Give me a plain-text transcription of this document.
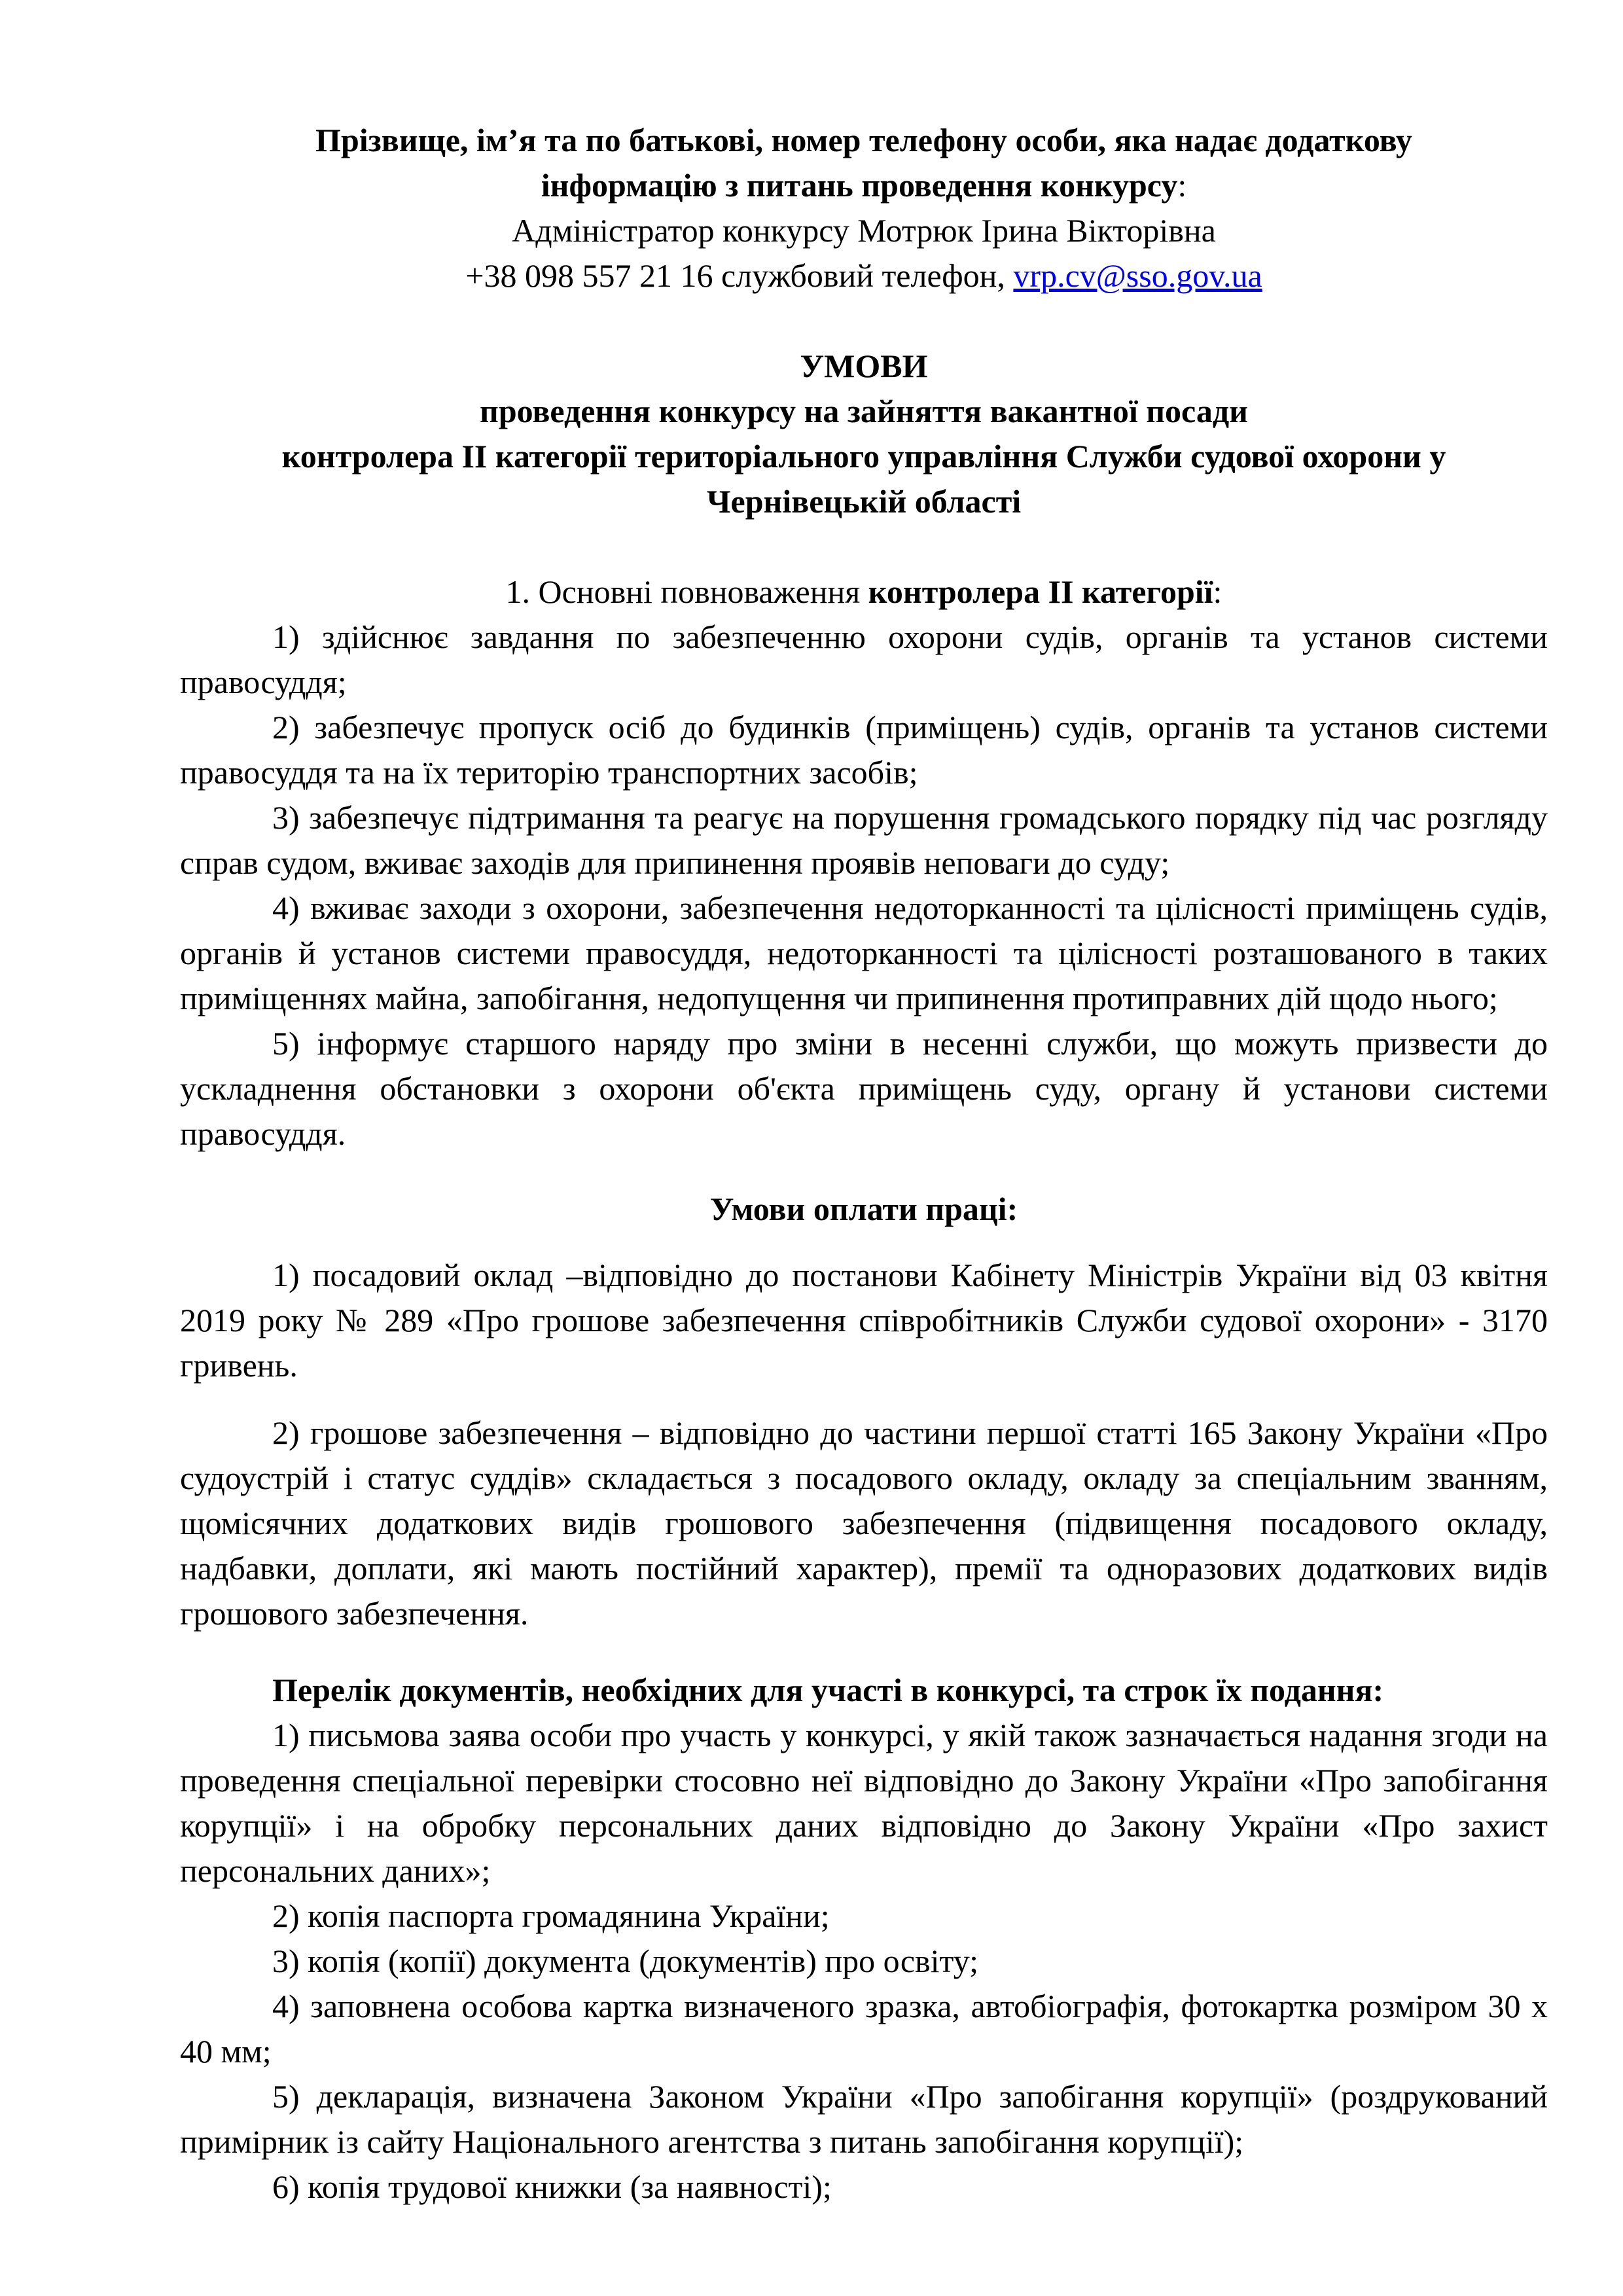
Прізвище, ім’я та по батькові, номер телефону особи, яка надає додаткову
інформацію з питань проведення конкурсу:
Адміністратор конкурсу Мотрюк Ірина Вікторівна
+38 098 557 21 16 службовий телефон, vrp.cv@sso.gov.ua
УМОВИ
проведення конкурсу на зайняття вакантної посади
контролера ІІ категорії територіального управління Служби судової охорони у
Чернівецькій області
1. Основні повноваження контролера ІІ категорії:

1) здійснює завдання по забезпеченню охорони судів, органів та установ системи правосуддя;

2) забезпечує пропуск осіб до будинків (приміщень) судів, органів та установ системи правосуддя та на їх територію транспортних засобів;

3) забезпечує підтримання та реагує на порушення громадського порядку під час розгляду справ судом, вживає заходів для припинення проявів неповаги до суду;

4) вживає заходи з охорони, забезпечення недоторканності та цілісності приміщень судів, органів й установ системи правосуддя, недоторканності та цілісності розташованого в таких приміщеннях майна, запобігання, недопущення чи припинення протиправних дій щодо нього;

5) інформує старшого наряду про зміни в несенні служби, що можуть призвести до ускладнення обстановки з охорони об'єкта приміщень суду, органу й установи системи правосуддя.

Умови оплати праці:

1) посадовий оклад –відповідно до постанови Кабінету Міністрів України від 03 квітня 2019 року № 289 «Про грошове забезпечення співробітників Служби судової охорони» - 3170 гривень.

2) грошове забезпечення – відповідно до частини першої статті 165 Закону України «Про судоустрій і статус суддів» складається з посадового окладу, окладу за спеціальним званням, щомісячних додаткових видів грошового забезпечення (підвищення посадового окладу, надбавки, доплати, які мають постійний характер), премії та одноразових додаткових видів грошового забезпечення.

Перелік документів, необхідних для участі в конкурсі, та строк їх подання:

1) письмова заява особи про участь у конкурсі, у якій також зазначається надання згоди на проведення спеціальної перевірки стосовно неї відповідно до Закону України «Про запобігання корупції» і на обробку персональних даних відповідно до Закону України «Про захист персональних даних»;

2) копія паспорта громадянина України;

3) копія (копії) документа (документів) про освіту;

4) заповнена особова картка визначеного зразка, автобіографія, фотокартка розміром 30 х 40 мм;

5) декларація, визначена Законом України «Про запобігання корупції» (роздрукований примірник із сайту Національного агентства з питань запобігання корупції);

6) копія трудової книжки (за наявності);
